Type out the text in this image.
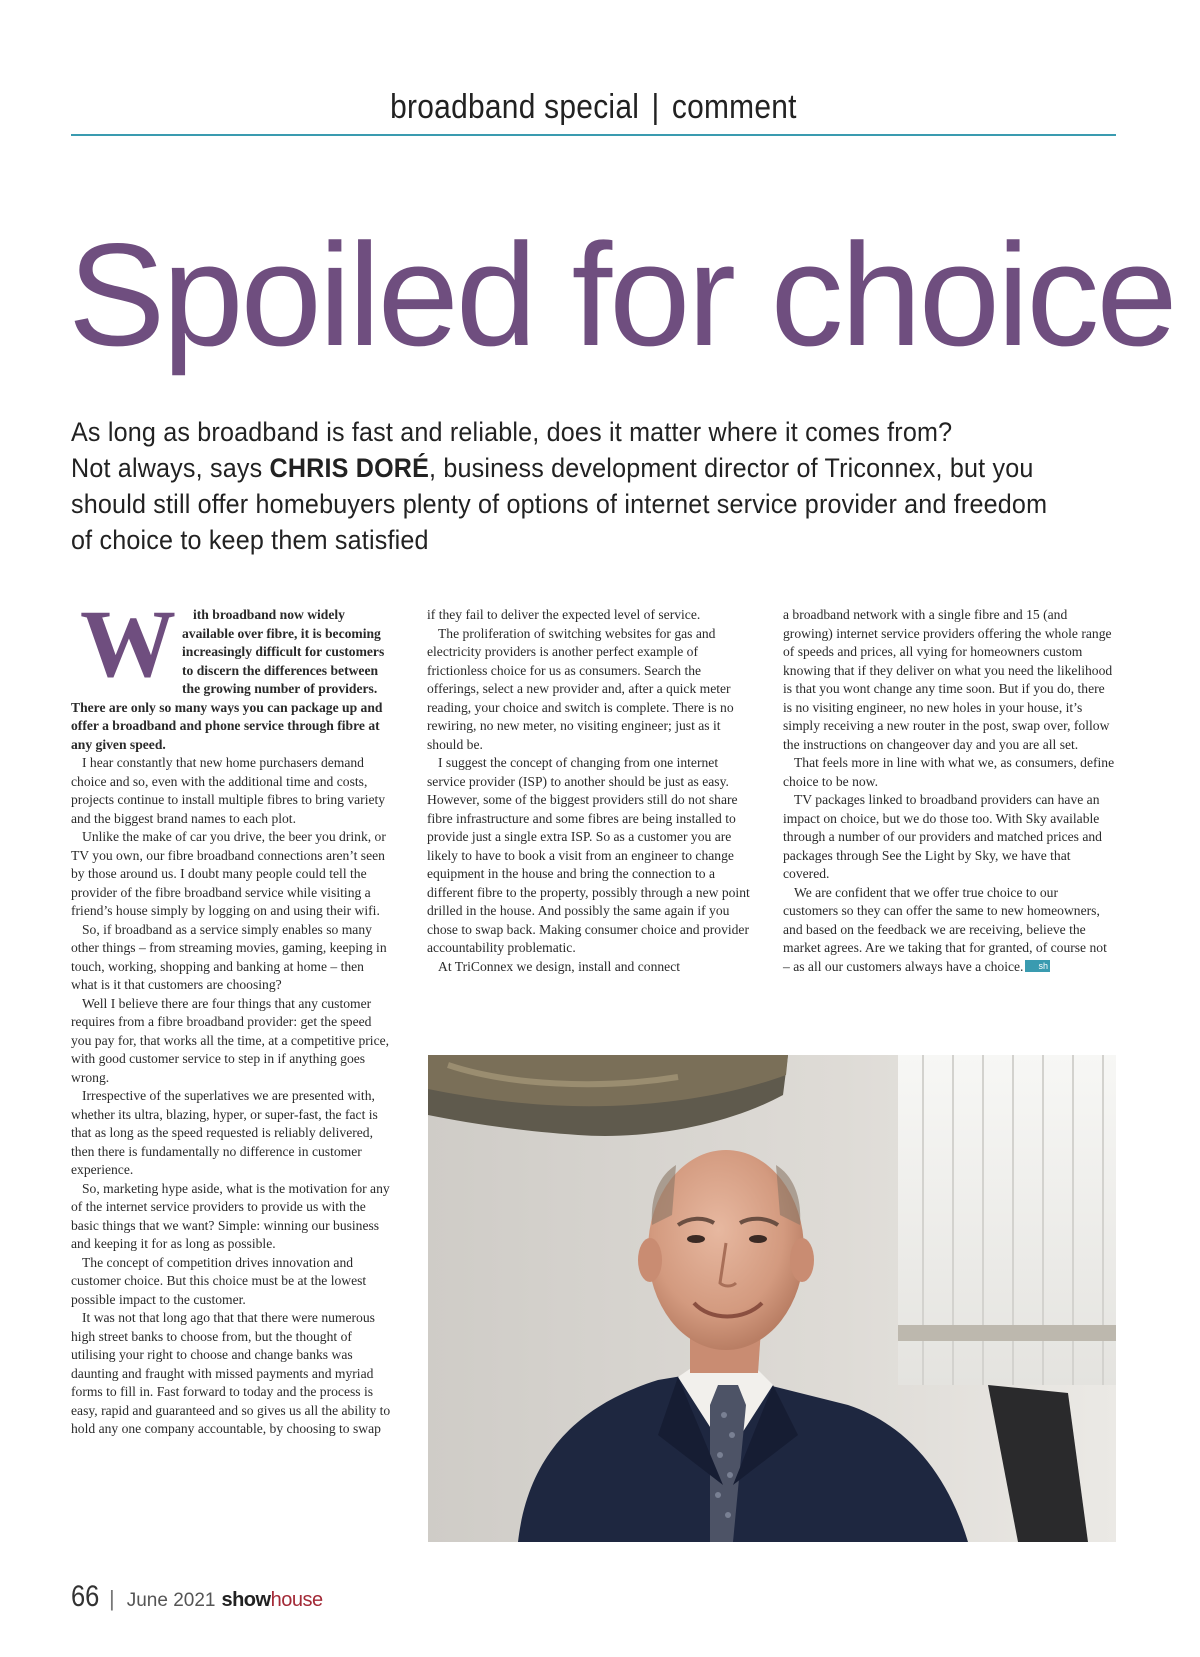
broadband special | comment
Spoiled for choice

As long as broadband is fast and reliable, does it matter where it comes from?
Not always, says CHRIS DORÉ, business development director of Triconnex, but you
should still offer homebuyers plenty of options of internet service provider and freedom
of choice to keep them satisfied

W ith broadband now widely available over fibre, it is becoming increasingly difficult for customers to discern the differences between the growing number of providers. There are only so many ways you can package up and offer a broadband and phone service through fibre at any given speed.

I hear constantly that new home purchasers demand choice and so, even with the additional time and costs, projects continue to install multiple fibres to bring variety and the biggest brand names to each plot.

Unlike the make of car you drive, the beer you drink, or TV you own, our fibre broadband connections aren’t seen by those around us. I doubt many people could tell the provider of the fibre broadband service while visiting a friend’s house simply by logging on and using their wifi.

So, if broadband as a service simply enables so many other things – from streaming movies, gaming, keeping in touch, working, shopping and banking at home – then what is it that customers are choosing?

Well I believe there are four things that any customer requires from a fibre broadband provider: get the speed you pay for, that works all the time, at a competitive price, with good customer service to step in if anything goes wrong.

Irrespective of the superlatives we are presented with, whether its ultra, blazing, hyper, or super-fast, the fact is that as long as the speed requested is reliably delivered, then there is fundamentally no difference in customer experience.

So, marketing hype aside, what is the motivation for any of the internet service providers to provide us with the basic things that we want? Simple: winning our business and keeping it for as long as possible.

The concept of competition drives innovation and customer choice. But this choice must be at the lowest possible impact to the customer.

It was not that long ago that that there were numerous high street banks to choose from, but the thought of utilising your right to choose and change banks was daunting and fraught with missed payments and myriad forms to fill in. Fast forward to today and the process is easy, rapid and guaranteed and so gives us all the ability to hold any one company accountable, by choosing to swap

if they fail to deliver the expected level of service.

The proliferation of switching websites for gas and electricity providers is another perfect example of frictionless choice for us as consumers. Search the offerings, select a new provider and, after a quick meter reading, your choice and switch is complete. There is no rewiring, no new meter, no visiting engineer; just as it should be.

I suggest the concept of changing from one internet service provider (ISP) to another should be just as easy. However, some of the biggest providers still do not share fibre infrastructure and some fibres are being installed to provide just a single extra ISP. So as a customer you are likely to have to book a visit from an engineer to change equipment in the house and bring the connection to a different fibre to the property, possibly through a new point drilled in the house. And possibly the same again if you chose to swap back. Making consumer choice and provider accountability problematic.

At TriConnex we design, install and connect

a broadband network with a single fibre and 15 (and growing) internet service providers offering the whole range of speeds and prices, all vying for homeowners custom knowing that if they deliver on what you need the likelihood is that you wont change any time soon. But if you do, there is no visiting engineer, no new holes in your house, it’s simply receiving a new router in the post, swap over, follow the instructions on changeover day and you are all set.

That feels more in line with what we, as consumers, define choice to be now.

TV packages linked to broadband providers can have an impact on choice, but we do those too. With Sky available through a number of our providers and matched prices and packages through See the Light by Sky, we have that covered.

We are confident that we offer true choice to our customers so they can offer the same to new homeowners, and based on the feedback we are receiving, believe the market agrees. Are we taking that for granted, of course not – as all our customers always have a choice. sh

66 | June 2021 show house
